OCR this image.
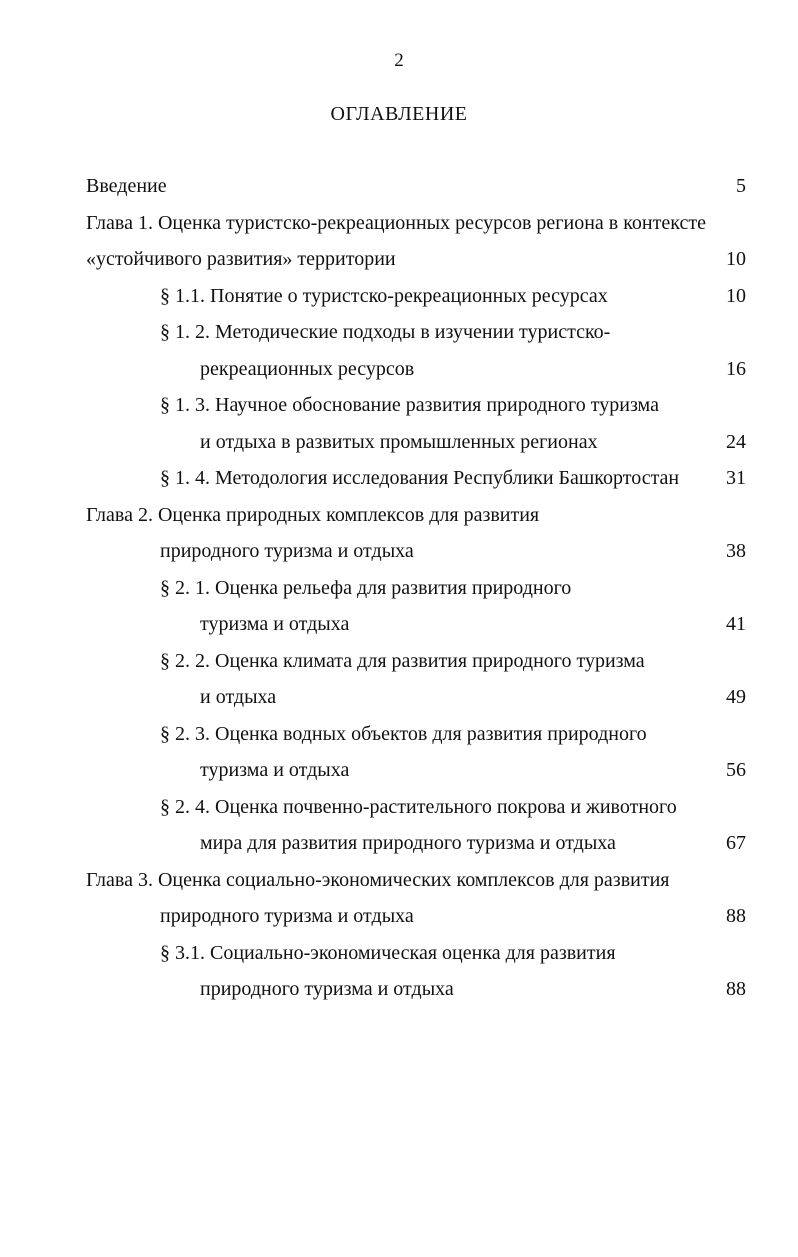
2
ОГЛАВЛЕНИЕ
Введение	5
Глава 1. Оценка туристско-рекреационных ресурсов региона в контексте
«устойчивого развития» территории	10
§ 1.1. Понятие о туристско-рекреационных ресурсах	10
§ 1. 2. Методические подходы в изучении туристско-
рекреационных ресурсов	16
§ 1. 3. Научное обоснование развития природного туризма
и отдыха в развитых промышленных регионах	24
§ 1. 4. Методология исследования Республики Башкортостан	31
Глава 2. Оценка природных комплексов для развития
природного туризма и отдыха	38
§ 2. 1. Оценка рельефа для развития природного
туризма и отдыха	41
§ 2. 2. Оценка климата для развития природного туризма
и отдыха	49
§ 2. 3. Оценка водных объектов для развития природного
туризма и отдыха	56
§ 2. 4. Оценка почвенно-растительного покрова и животного
мира для развития природного туризма и отдыха	67
Глава 3. Оценка социально-экономических комплексов для развития
природного туризма и отдыха	88
§ 3.1. Социально-экономическая оценка для развития
природного туризма и отдыха	88
